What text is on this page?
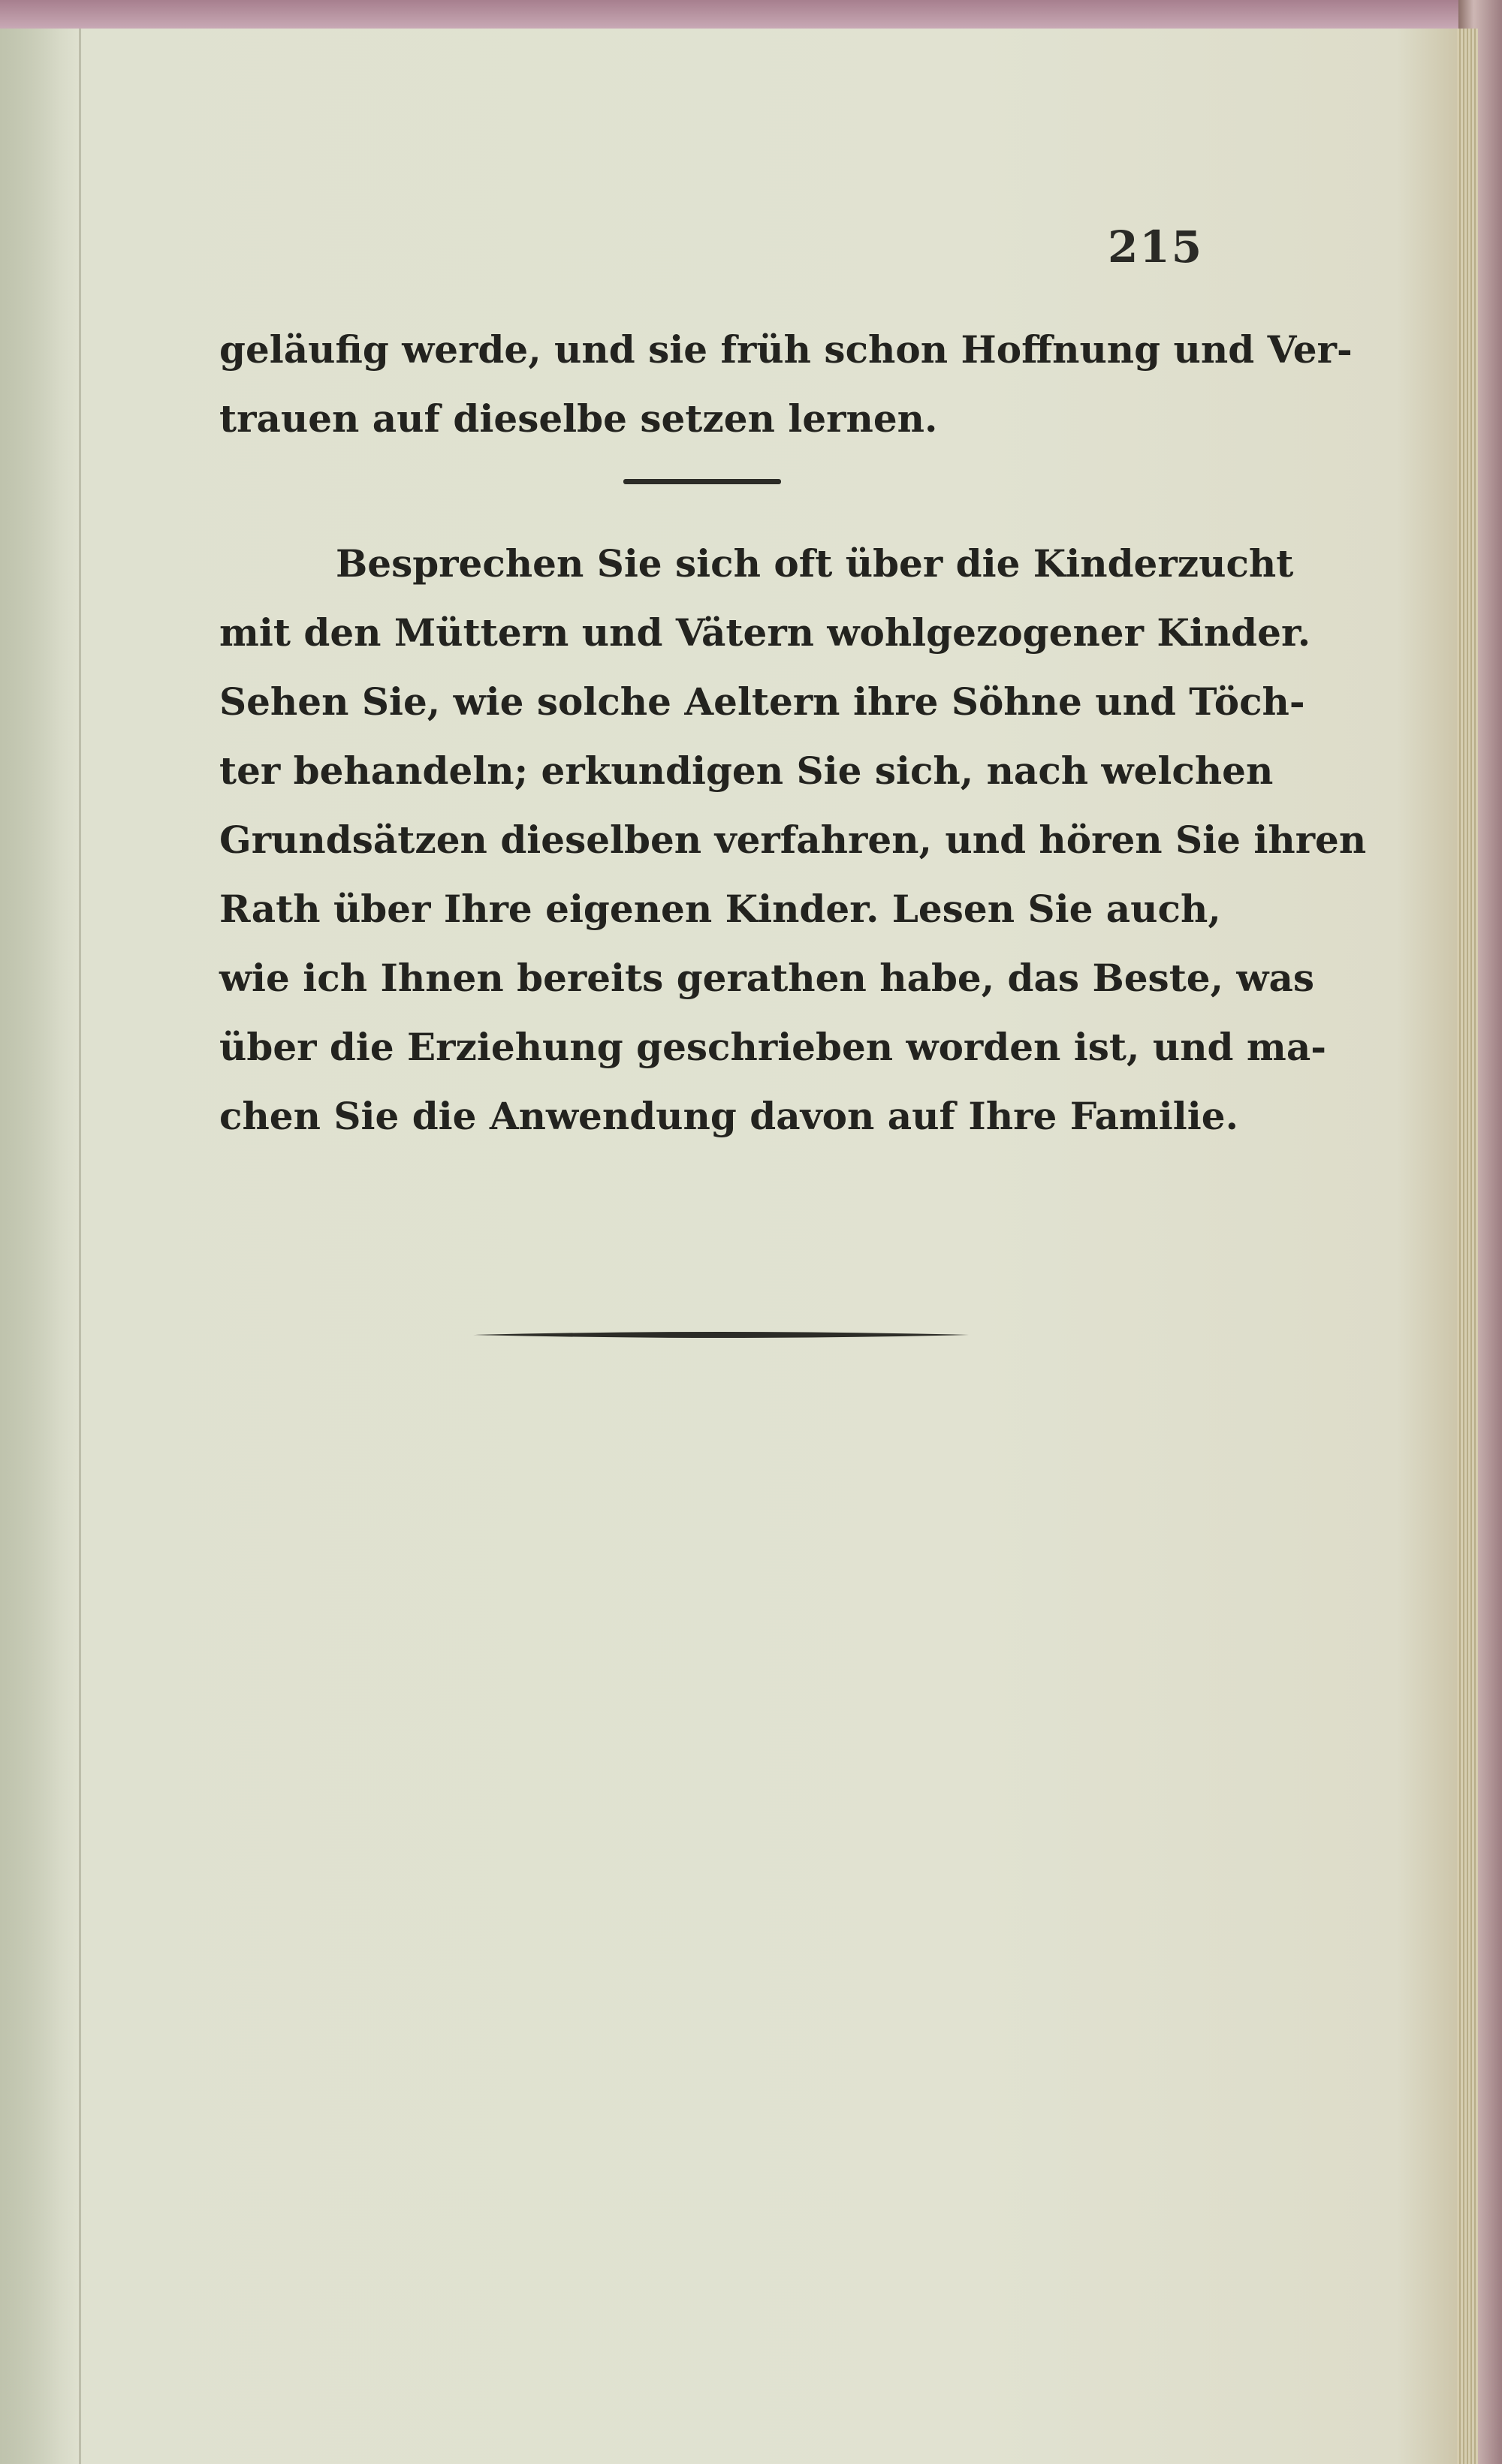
215
geläufig werde, und sie früh schon Hoffnung und Ver-
trauen auf dieselbe setzen lernen.
Besprechen Sie sich oft über die Kinderzucht
mit den Müttern und Vätern wohlgezogener Kinder.
Sehen Sie, wie solche Aeltern ihre Söhne und Töch-
ter behandeln; erkundigen Sie sich, nach welchen
Grundsätzen dieselben verfahren, und hören Sie ihren
Rath über Ihre eigenen Kinder. Lesen Sie auch,
wie ich Ihnen bereits gerathen habe, das Beste, was
über die Erziehung geschrieben worden ist, und ma-
chen Sie die Anwendung davon auf Ihre Familie.
